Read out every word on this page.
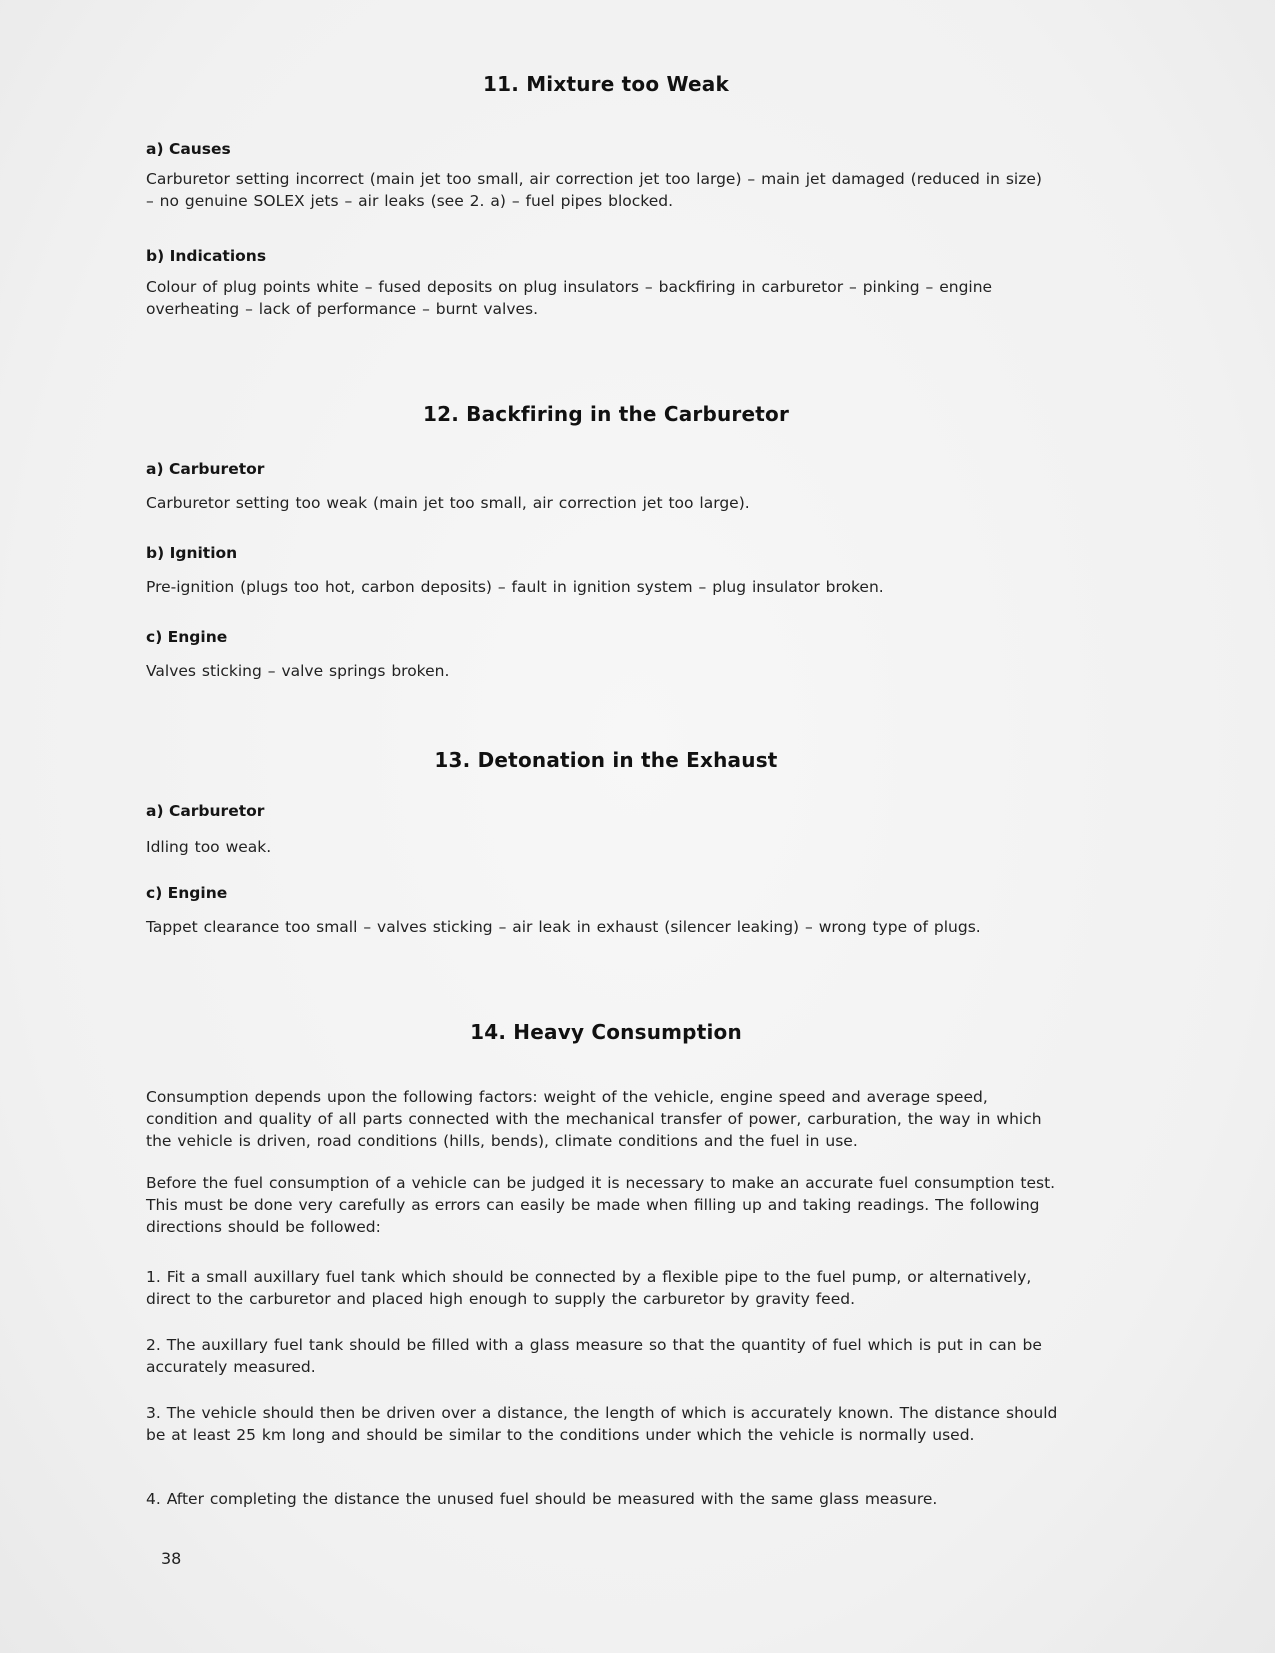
11. Mixture too Weak

a) Causes

Carburetor setting incorrect (main jet too small, air correction jet too large) – main jet damaged (reduced in size) – no genuine SOLEX jets – air leaks (see 2. a) – fuel pipes blocked.

b) Indications

Colour of plug points white – fused deposits on plug insulators – backfiring in carburetor – pinking – engine overheating – lack of performance – burnt valves.

12. Backfiring in the Carburetor

a) Carburetor

Carburetor setting too weak (main jet too small, air correction jet too large).

b) Ignition

Pre-ignition (plugs too hot, carbon deposits) – fault in ignition system – plug insulator broken.

c) Engine

Valves sticking – valve springs broken.

13. Detonation in the Exhaust

a) Carburetor

Idling too weak.

c) Engine

Tappet clearance too small – valves sticking – air leak in exhaust (silencer leaking) – wrong type of plugs.

14. Heavy Consumption

Consumption depends upon the following factors: weight of the vehicle, engine speed and average speed, condition and quality of all parts connected with the mechanical transfer of power, carburation, the way in which the vehicle is driven, road conditions (hills, bends), climate conditions and the fuel in use.

Before the fuel consumption of a vehicle can be judged it is necessary to make an accurate fuel consumption test. This must be done very carefully as errors can easily be made when filling up and taking readings. The following directions should be followed:

1. Fit a small auxillary fuel tank which should be connected by a flexible pipe to the fuel pump, or alternatively, direct to the carburetor and placed high enough to supply the carburetor by gravity feed.

2. The auxillary fuel tank should be filled with a glass measure so that the quantity of fuel which is put in can be accurately measured.

3. The vehicle should then be driven over a distance, the length of which is accurately known. The distance should be at least 25 km long and should be similar to the conditions under which the vehicle is normally used.

4. After completing the distance the unused fuel should be measured with the same glass measure.

38
